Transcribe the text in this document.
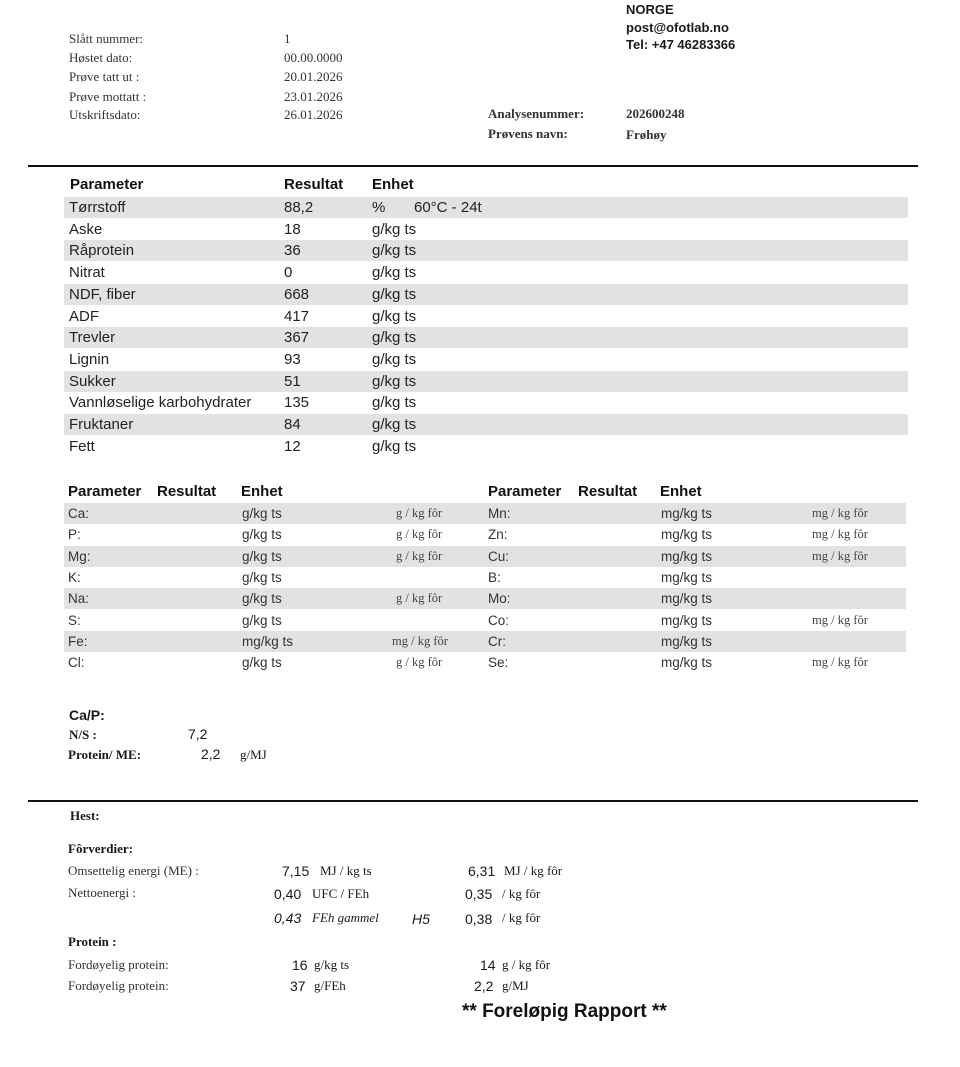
NORGE
post@ofotlab.no
Tel: +47 46283366
Slått nummer:	1
Høstet dato:	00.00.0000
Prøve tatt ut :	20.01.2026
Prøve mottatt :	23.01.2026
Utskriftsdato:	26.01.2026	Analysenummer:	202600248
Prøvens navn:	Frøhøy
Parameter	Resultat Enhet
Tørrstoff	88,2	% 60°C - 24t
Aske	18	g/kg ts
Råprotein	36	g/kg ts
Nitrat	0	g/kg ts
NDF, fiber	668	g/kg ts
ADF	417	g/kg ts
Trevler	367	g/kg ts
Lignin	93	g/kg ts
Sukker	51	g/kg ts
Vannløselige karbohydrater 135	g/kg ts
Fruktaner	84	g/kg ts
Fett	12	g/kg ts
Parameter Resultat Enhet	Parameter Resultat Enhet
Ca:	g/kg ts	g / kg fôr	Mn:	mg/kg ts	mg / kg fôr
P:	g/kg ts	g / kg fôr	Zn:	mg/kg ts	mg / kg fôr
Mg:	g/kg ts	g / kg fôr	Cu:	mg/kg ts	mg / kg fôr
K:	g/kg ts	B:	mg/kg ts
Na:	g/kg ts	g / kg fôr	Mo:	mg/kg ts
S:	g/kg ts	Co:	mg/kg ts	mg / kg fôr
Fe:	mg/kg ts	mg / kg fôr	Cr:	mg/kg ts
Cl:	g/kg ts	g / kg fôr	Se:	mg/kg ts	mg / kg fôr
Ca/P:
N/S :	7,2
Protein/ ME:	2,2 g/MJ
Hest:
Fôrverdier:
Omsettelig energi (ME) :	7,15 MJ / kg ts	6,31 MJ / kg fôr
Nettoenergi :	0,40 UFC / FEh	0,35 / kg fôr
0,43 FEh gammel H5	0,38 / kg fôr
Protein :
Fordøyelig protein:	16 g/kg ts	14 g / kg fôr
Fordøyelig protein:	37 g/FEh	2,2 g/MJ
** Foreløpig Rapport **
